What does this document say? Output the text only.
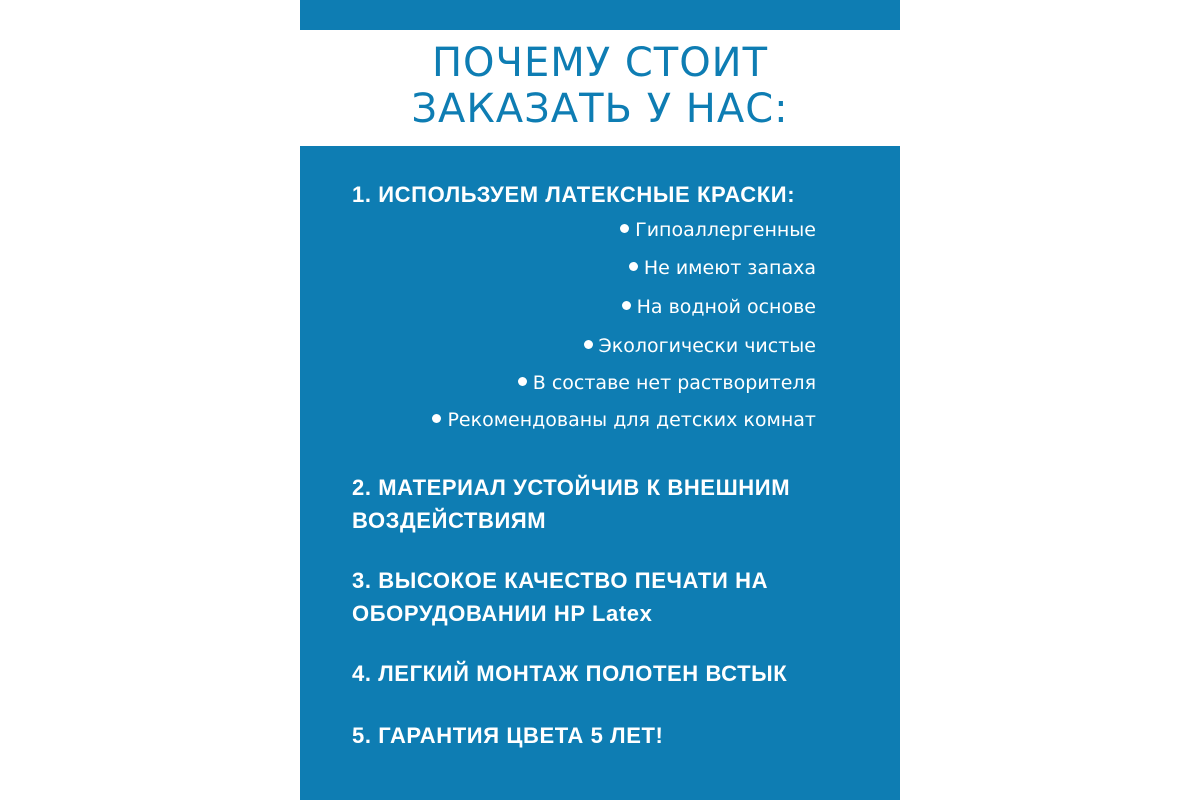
ПОЧЕМУ СТОИТ
ЗАКАЗАТЬ У НАС:
1. ИСПОЛЬЗУЕМ ЛАТЕКСНЫЕ КРАСКИ:
Гипоаллергенные
Не имеют запаха
На водной основе
Экологически чистые
В составе нет растворителя
Рекомендованы для детских комнат
2. МАТЕРИАЛ УСТОЙЧИВ К ВНЕШНИМ
ВОЗДЕЙСТВИЯМ
3. ВЫСОКОЕ КАЧЕСТВО ПЕЧАТИ НА
ОБОРУДОВАНИИ HP Latex
4. ЛЕГКИЙ МОНТАЖ ПОЛОТЕН ВСТЫК
5. ГАРАНТИЯ ЦВЕТА 5 ЛЕТ!
